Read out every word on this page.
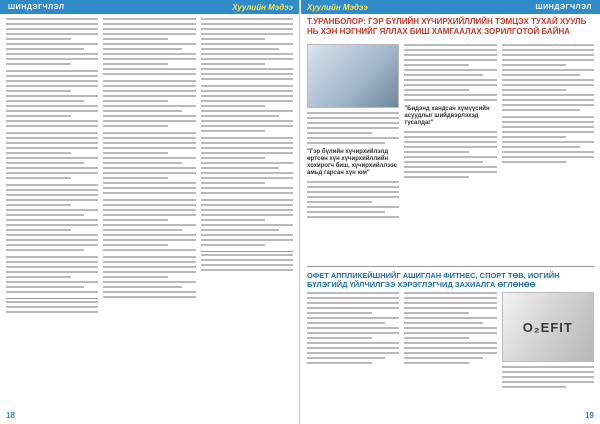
ШИНДЭГЧЛЭЛ	Хуулийн Мэдээ
18
Хуулийн Мэдээ	ШИНДЭГЧЛЭЛ
Т.УРАНБОЛОР: ГЭР БҮЛИЙН ХҮЧИРХИЙЛЛИЙН ТЭМЦЭХ ТУХАЙ ХУУЛЬ НЬ ХЭН НЭГНИЙГ ЯЛЛАХ БИШ ХАМГААЛАХ ЗОРИЛГОТОЙ БАЙНА
"Гэр бүлийн хүчирхийлэлд өртсөн хүн хүчирхийллийн хохирогч биш, хүчирхийллээс амьд гарсан хүн юм"
"Бидэнд хандсан хүмүүсийн асуудлыг шийдвэрлэхэд тусалдаг"
ОФЕТ АППЛИКЕЙШНИЙГ АШИГЛАН ФИТНЕС, СПОРТ ТӨВ, ИОГИЙН БҮЛЭГИЙД ҮЙЛЧИЛГЭЭ ХЭРЭГЛЭГЧИД ЗАХИАЛГА ӨГЛӨНӨӨ
O₂EFIT
19
